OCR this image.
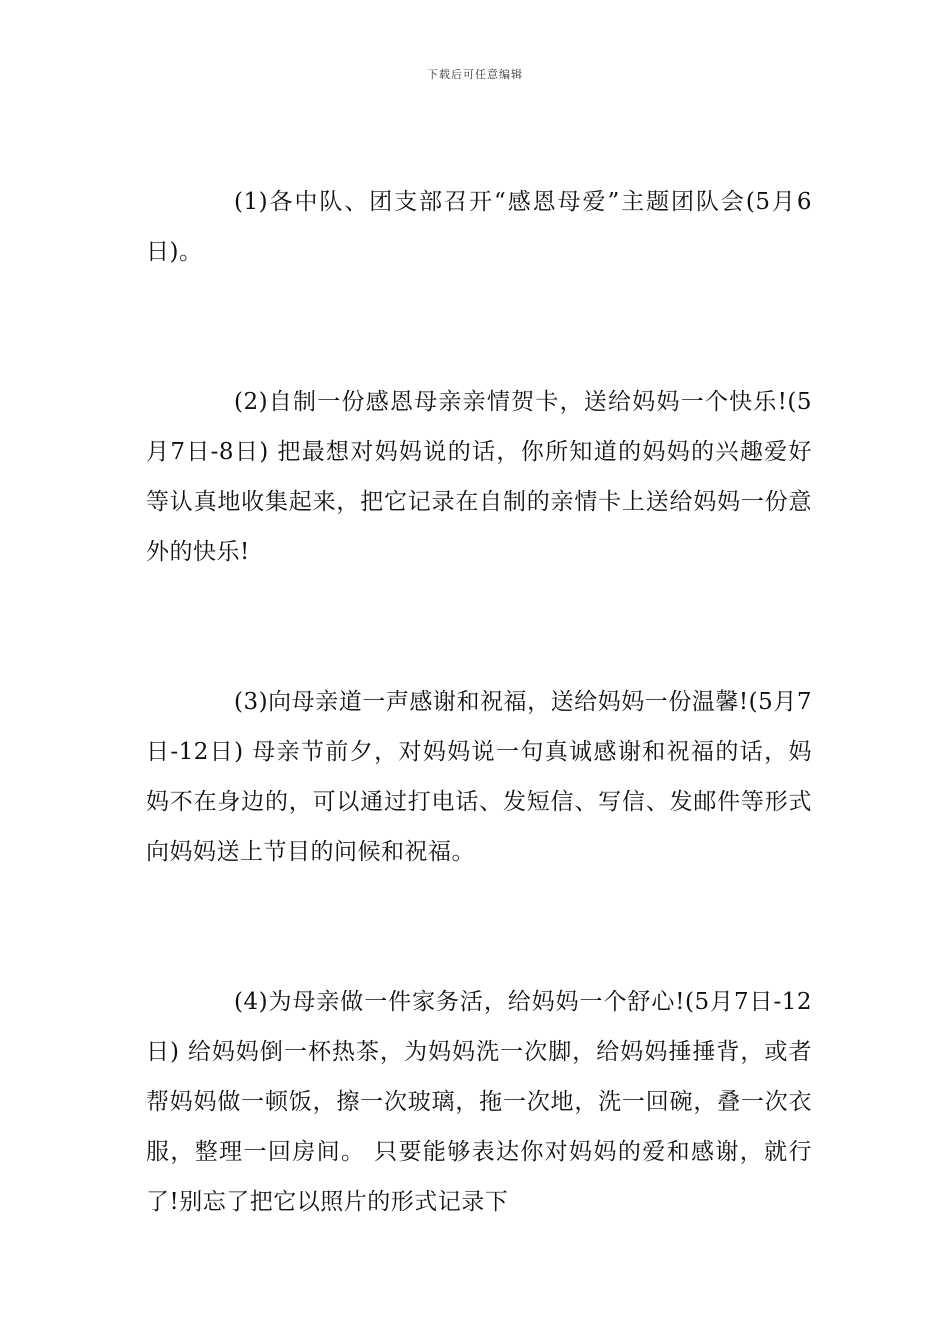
下载后可任意编辑

(1)各中队、团支部召开“感恩母爱”主题团队会(5月6日)。

(2)自制一份感恩母亲亲情贺卡，送给妈妈一个快乐!(5月7日-8日) 把最想对妈妈说的话，你所知道的妈妈的兴趣爱好等认真地收集起来，把它记录在自制的亲情卡上送给妈妈一份意外的快乐!

(3)向母亲道一声感谢和祝福，送给妈妈一份温馨!(5月7日-12日) 母亲节前夕，对妈妈说一句真诚感谢和祝福的话，妈妈不在身边的，可以通过打电话、发短信、写信、发邮件等形式向妈妈送上节目的问候和祝福。

(4)为母亲做一件家务活，给妈妈一个舒心!(5月7日-12日) 给妈妈倒一杯热茶，为妈妈洗一次脚，给妈妈捶捶背，或者帮妈妈做一顿饭，擦一次玻璃，拖一次地，洗一回碗，叠一次衣服，整理一回房间。 只要能够表达你对妈妈的爱和感谢，就行了!别忘了把它以照片的形式记录下
